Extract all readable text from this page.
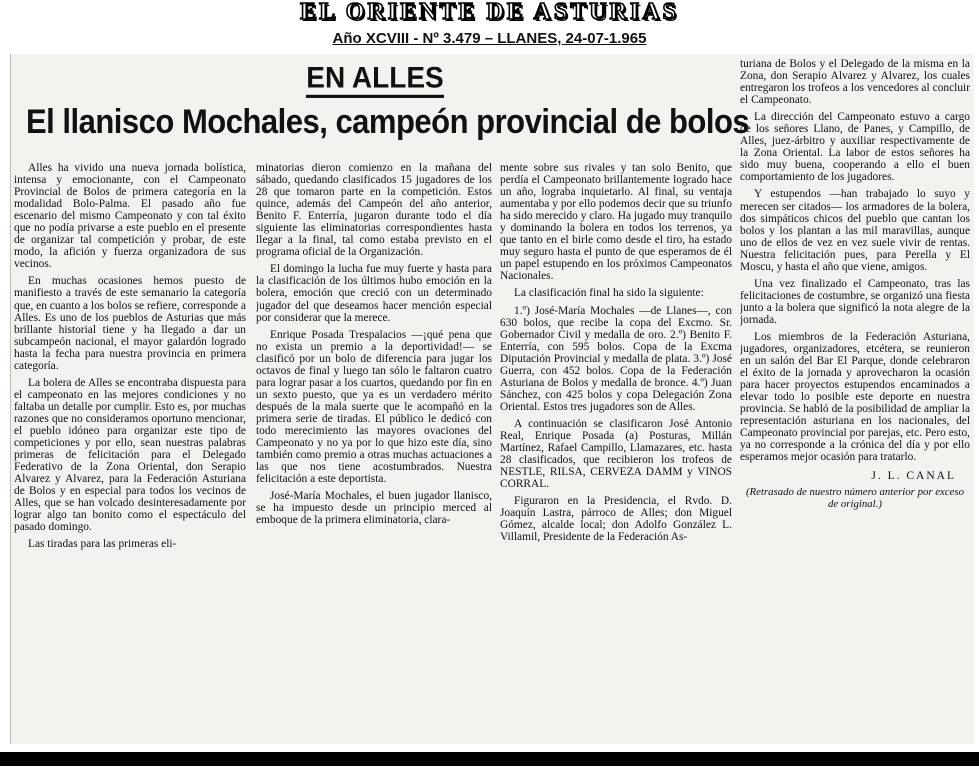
EL ORIENTE DE ASTURIAS
Año XCVIII - Nº 3.479 – LLANES, 24-07-1.965
EN ALLES
El llanisco Mochales, campeón provincial de bolos

Alles ha vivido una nueva jornada bolística, intensa y emocionante, con el Campeonato Provincial de Bolos de primera categoría en la modalidad Bolo-Palma. El pasado año fue escenario del mismo Campeonato y con tal éxito que no podía privarse a este pueblo en el presente de organizar tal competición y probar, de este modo, la afición y fuerza organizadora de sus vecinos.

En muchas ocasiones hemos puesto de manifiesto a través de este semanario la categoría que, en cuanto a los bolos se refiere, corresponde a Alles. Es uno de los pueblos de Asturias que más brillante historial tiene y ha llegado a dar un subcampeón nacional, el mayor galardón logrado hasta la fecha para nuestra provincia en primera categoría.

La bolera de Alles se encontraba dispuesta para el campeonato en las mejores condiciones y no faltaba un detalle por cumplir. Esto es, por muchas razones que no consideramos oportuno mencionar, el pueblo idóneo para organizar este tipo de competiciones y por ello, sean nuestras palabras primeras de felicitación para el Delegado Federativo de la Zona Oriental, don Serapio Alvarez y Alvarez, para la Federación Asturiana de Bolos y en especial para todos los vecinos de Alles, que se han volcado desinteresadamente por lograr algo tan bonito como el espectáculo del pasado domingo.

Las tiradas para las primeras eli-

minatorias dieron comienzo en la mañana del sábado, quedando clasificados 15 jugadores de los 28 que tomaron parte en la competición. Estos quince, además del Campeón del año anterior, Benito F. Enterría, jugaron durante todo el día siguiente las eliminatorias correspondientes hasta llegar a la final, tal como estaba previsto en el programa oficial de la Organización.

El domingo la lucha fue muy fuerte y hasta para la clasificación de los últimos hubo emoción en la bolera, emoción que creció con un determinado jugador del que deseamos hacer mención especial por considerar que la merece.

Enrique Posada Trespalacios —¡qué pena que no exista un premio a la deportividad!— se clasificó por un bolo de diferencia para jugar los octavos de final y luego tan sólo le faltaron cuatro para lograr pasar a los cuartos, quedando por fin en un sexto puesto, que ya es un verdadero mérito después de la mala suerte que le acompañó en la primera serie de tiradas. El público le dedicó con todo merecimiento las mayores ovaciones del Campeonato y no ya por lo que hizo este día, sino también como premio a otras muchas actuaciones a las que nos tiene acostumbrados. Nuestra felicitación a este deportista.

José-María Mochales, el buen jugador llanisco, se ha impuesto desde un principio merced al emboque de la primera eliminatoria, clara-

mente sobre sus rivales y tan solo Benito, que perdía el Campeonato brillantemente logrado hace un año, lograba inquietarlo. Al final, su ventaja aumentaba y por ello podemos decir que su triunfo ha sido merecido y claro. Ha jugado muy tranquilo y dominando la bolera en todos los terrenos, ya que tanto en el birle como desde el tiro, ha estado muy seguro hasta el punto de que esperamos de él un papel estupendo en los próximos Campeonatos Nacionales.

La clasificación final ha sido la siguiente:

1.º) José-María Mochales —de Llanes—, con 630 bolos, que recibe la copa del Excmo. Sr. Gobernador Civil y medalla de oro. 2.º) Benito F. Enterría, con 595 bolos. Copa de la Excma Diputación Provincial y medalla de plata. 3.º) José Guerra, con 452 bolos. Copa de la Federación Asturiana de Bolos y medalla de bronce. 4.º) Juan Sánchez, con 425 bolos y copa Delegación Zona Oriental. Estos tres jugadores son de Alles.

A continuación se clasificaron José Antonio Real, Enrique Posada (a) Posturas, Millán Martínez, Rafael Campillo, Llamazares, etc. hasta 28 clasificados, que recibieron los trofeos de NESTLE, RILSA, CERVEZA DAMM y VINOS CORRAL.

Figuraron en la Presidencia, el Rvdo. D. Joaquín Lastra, párroco de Alles; don Miguel Gómez, alcalde local; don Adolfo González L. Villamil, Presidente de la Federación As-

turiana de Bolos y el Delegado de la misma en la Zona, don Serapio Alvarez y Alvarez, los cuales entregaron los trofeos a los vencedores al concluir el Campeonato.

La dirección del Campeonato estuvo a cargo de los señores Llano, de Panes, y Campillo, de Alles, juez-árbitro y auxiliar respectivamente de la Zona Oriental. La labor de estos señores ha sido muy buena, cooperando a ello el buen comportamiento de los jugadores.

Y estupendos —han trabajado lo suyo y merecen ser citados— los armadores de la bolera, dos simpáticos chicos del pueblo que cantan los bolos y los plantan a las mil maravillas, aunque uno de ellos de vez en vez suele vivir de rentas. Nuestra felicitación pues, para Perella y El Moscu, y hasta el año que viene, amigos.

Una vez finalizado el Campeonato, tras las felicitaciones de costumbre, se organizó una fiesta junto a la bolera que significó la nota alegre de la jornada.

Los miembros de la Federación Asturiana, jugadores, organizadores, etcétera, se reunieron en un salón del Bar El Parque, donde celebraron el éxito de la jornada y aprovecharon la ocasión para hacer proyectos estupendos encaminados a elevar todo lo posible este deporte en nuestra provincia. Se habló de la posibilidad de ampliar la representación asturiana en los nacionales, del Campeonato provincial por parejas, etc. Pero esto, ya no corresponde a la crónica del día y por ello esperamos mejor ocasión para tratarlo.

J. L. CANAL
(Retrasado de nuestro número anterior por exceso de original.)
